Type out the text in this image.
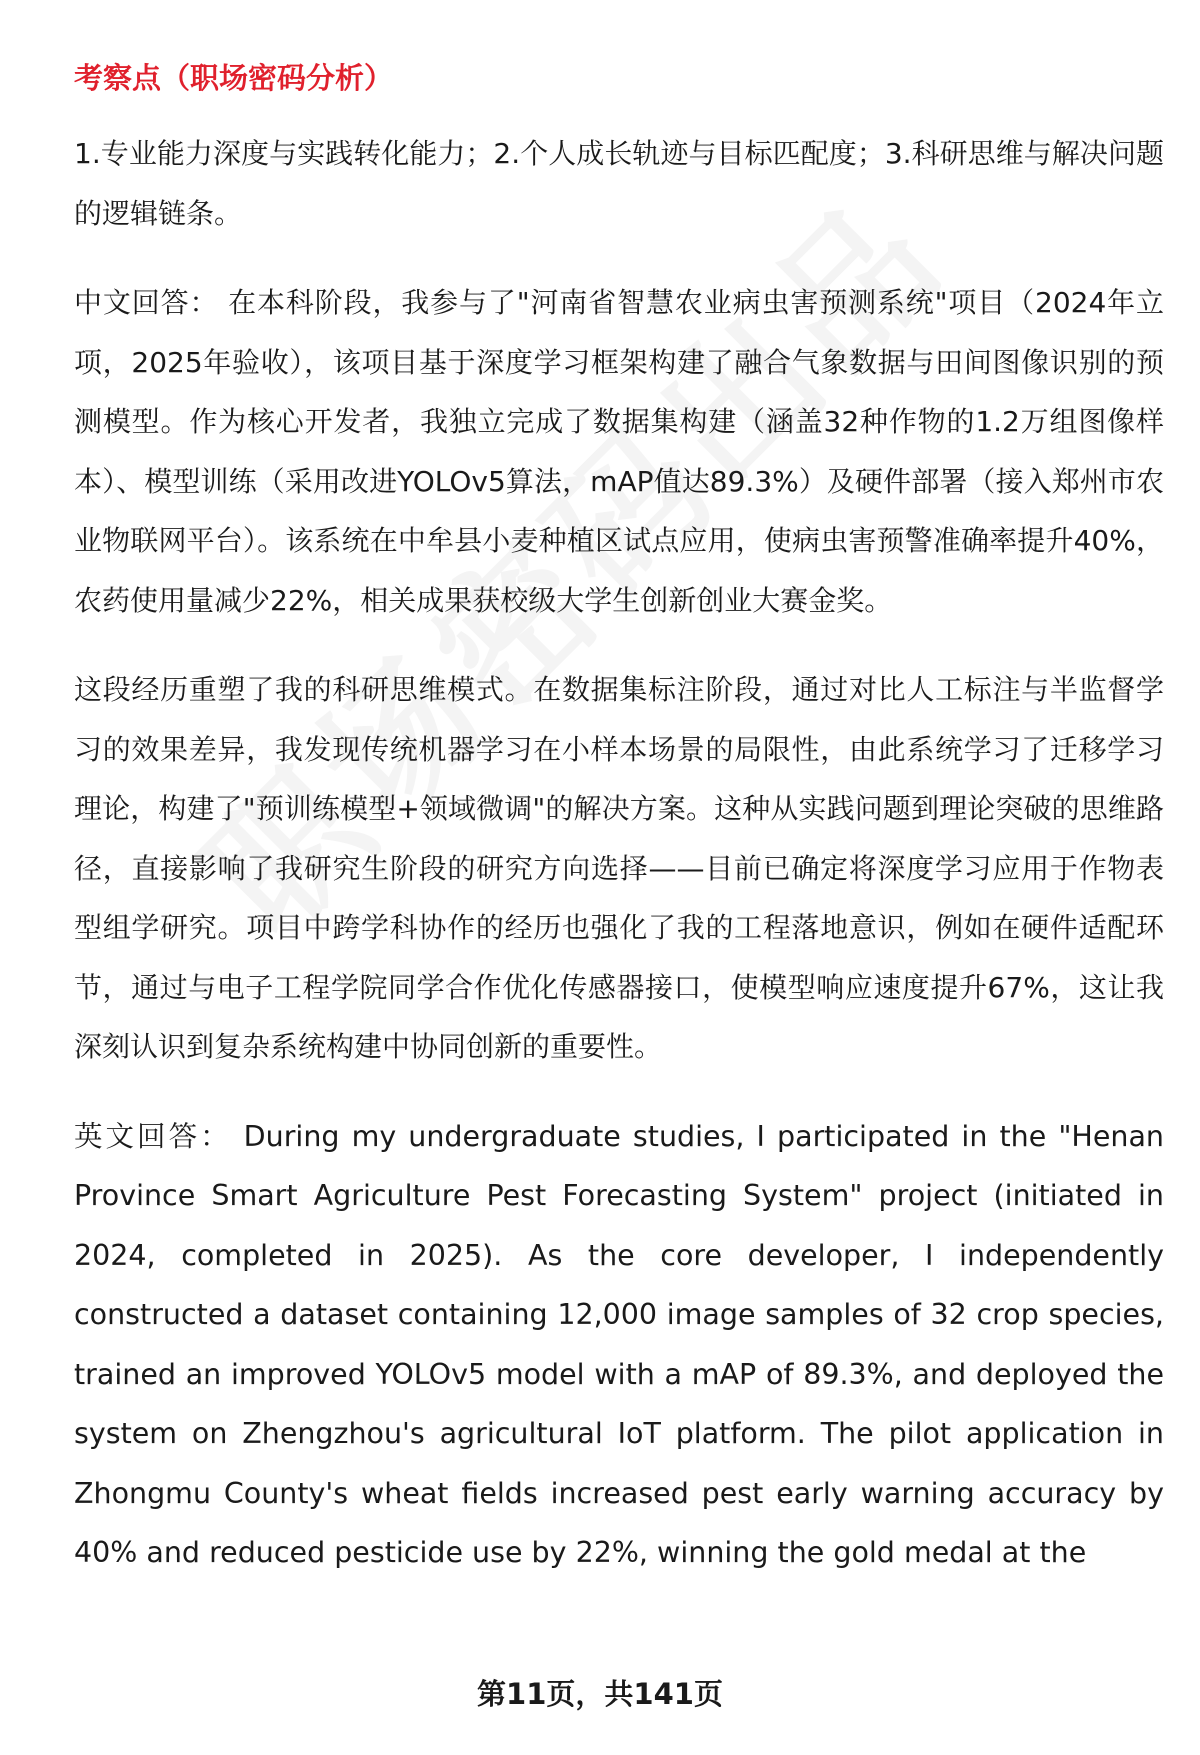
考察点（职场密码分析）

1.专业能力深度与实践转化能力；2.个人成长轨迹与目标匹配度；3.科研思维与解决问题的逻辑链条。

中文回答： 在本科阶段，我参与了"河南省智慧农业病虫害预测系统"项目（2024年立项，2025年验收），该项目基于深度学习框架构建了融合气象数据与田间图像识别的预测模型。作为核心开发者，我独立完成了数据集构建（涵盖32种作物的1.2万组图像样本）、模型训练（采用改进YOLOv5算法，mAP值达89.3%）及硬件部署（接入郑州市农业物联网平台）。该系统在中牟县小麦种植区试点应用，使病虫害预警准确率提升40%，农药使用量减少22%，相关成果获校级大学生创新创业大赛金奖。

这段经历重塑了我的科研思维模式。在数据集标注阶段，通过对比人工标注与半监督学习的效果差异，我发现传统机器学习在小样本场景的局限性，由此系统学习了迁移学习理论，构建了"预训练模型+领域微调"的解决方案。这种从实践问题到理论突破的思维路径，直接影响了我研究生阶段的研究方向选择——目前已确定将深度学习应用于作物表型组学研究。项目中跨学科协作的经历也强化了我的工程落地意识，例如在硬件适配环节，通过与电子工程学院同学合作优化传感器接口，使模型响应速度提升67%，这让我深刻认识到复杂系统构建中协同创新的重要性。

英文回答： During my undergraduate studies, I participated in the "Henan Province Smart Agriculture Pest Forecasting System" project (initiated in 2024, completed in 2025). As the core developer, I independently constructed a dataset containing 12,000 image samples of 32 crop species, trained an improved YOLOv5 model with a mAP of 89.3%, and deployed the system on Zhengzhou's agricultural IoT platform. The pilot application in Zhongmu County's wheat fields increased pest early warning accuracy by 40% and reduced pesticide use by 22%, winning the gold medal at the

第11页，共141页
